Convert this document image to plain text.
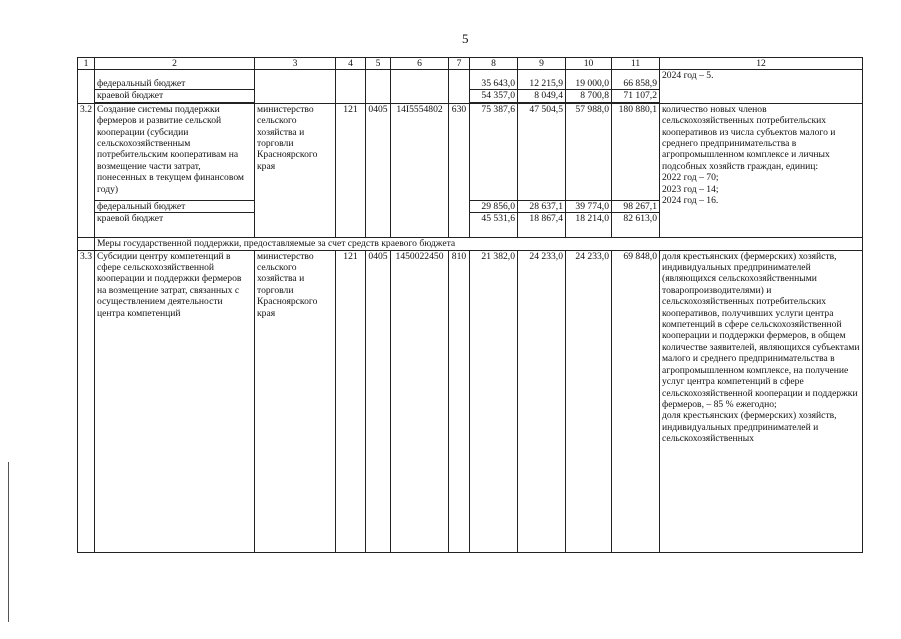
5
1	2	3	4	5	6	7	8	9	10	11	12
	федеральный бюджет						35 643,0	12 215,9	19 000,0	66 858,9	2024 год – 5.
	краевой бюджет						54 357,0	8 049,4	8 700,8	71 107,2	

3.2	Создание системы поддержки фермеров и развитие сельской кооперации (субсидии сельскохозяйственным потребительским кооперативам на возмещение части затрат, понесенных в текущем финансовом году)	министерство сельского хозяйства и торговли Красноярского края	121	0405	14I5554802	630	75 387,6	47 504,5	57 988,0	180 880,1	количество новых членов сельскохозяйственных потребительских кооперативов из числа субъектов малого и среднего предпринимательства в агропромышленном комплексе и личных подсобных хозяйств граждан, единиц:
2022 год – 70;
2023 год – 14;
2024 год – 16.
	федеральный бюджет						29 856,0	28 637,1	39 774,0	98 267,1	
	краевой бюджет						45 531,6	18 867,4	18 214,0	82 613,0	
	Меры государственной поддержки, предоставляемые за счет средств краевого бюджета										
3.3	Субсидии центру компетенций в сфере сельскохозяйственной кооперации и поддержки фермеров на возмещение затрат, связанных с осуществлением деятельности центра компетенций	министерство сельского хозяйства и торговли Красноярского края	121	0405	1450022450	810	21 382,0	24 233,0	24 233,0	69 848,0	доля крестьянских (фермерских) хозяйств, индивидуальных предпринимателей (являющихся сельскохозяйственными товаропроизводителями) и сельскохозяйственных потребительских кооперативов, получивших услуги центра компетенций в сфере сельскохозяйственной кооперации и поддержки фермеров, в общем количестве заявителей, являющихся субъектами малого и среднего предпринимательства в агропромышленном комплексе, на получение услуг центра компетенций в сфере сельскохозяйственной кооперации и поддержки фермеров, – 85 % ежегодно;
доля крестьянских (фермерских) хозяйств, индивидуальных предпринимателей и сельскохозяйственных
